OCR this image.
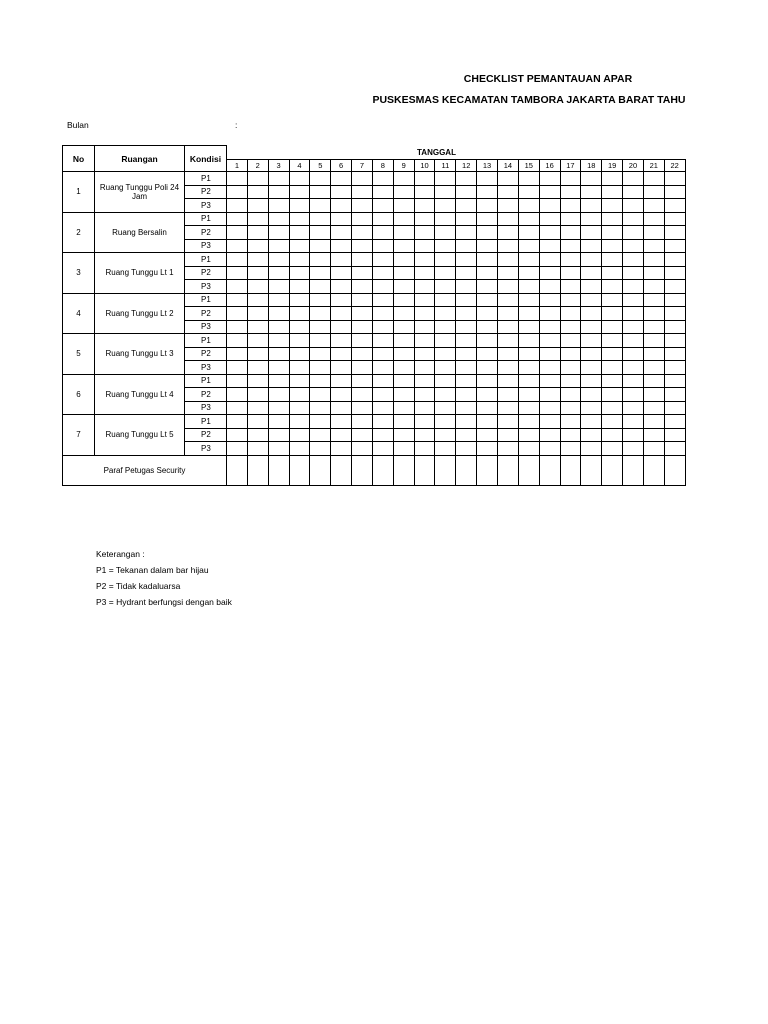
CHECKLIST PEMANTAUAN APAR
PUSKESMAS KECAMATAN TAMBORA JAKARTA BARAT TAHU
Bulan	:
No	Ruangan	Kondisi	TANGGAL																					
			1	2	3	4	5	6	7	8	9	10	11	12	13	14	15	16	17	18	19	20	21	22
1	Ruang Tunggu Poli 24 Jam	P1																						
		P2																						
		P3																						
2	Ruang Bersalin	P1																						
		P2																						
		P3																						
3	Ruang Tunggu Lt 1	P1																						
		P2																						
		P3																						
4	Ruang Tunggu Lt 2	P1																						
		P2																						
		P3																						
5	Ruang Tunggu Lt 3	P1																						
		P2																						
		P3																						
6	Ruang Tunggu Lt 4	P1																						
		P2																						
		P3																						
7	Ruang Tunggu Lt 5	P1																						
		P2																						
		P3																						
Paraf Petugas Security																								
Keterangan :
P1 = Tekanan dalam bar hijau
P2 = Tidak kadaluarsa
P3 = Hydrant berfungsi dengan baik
